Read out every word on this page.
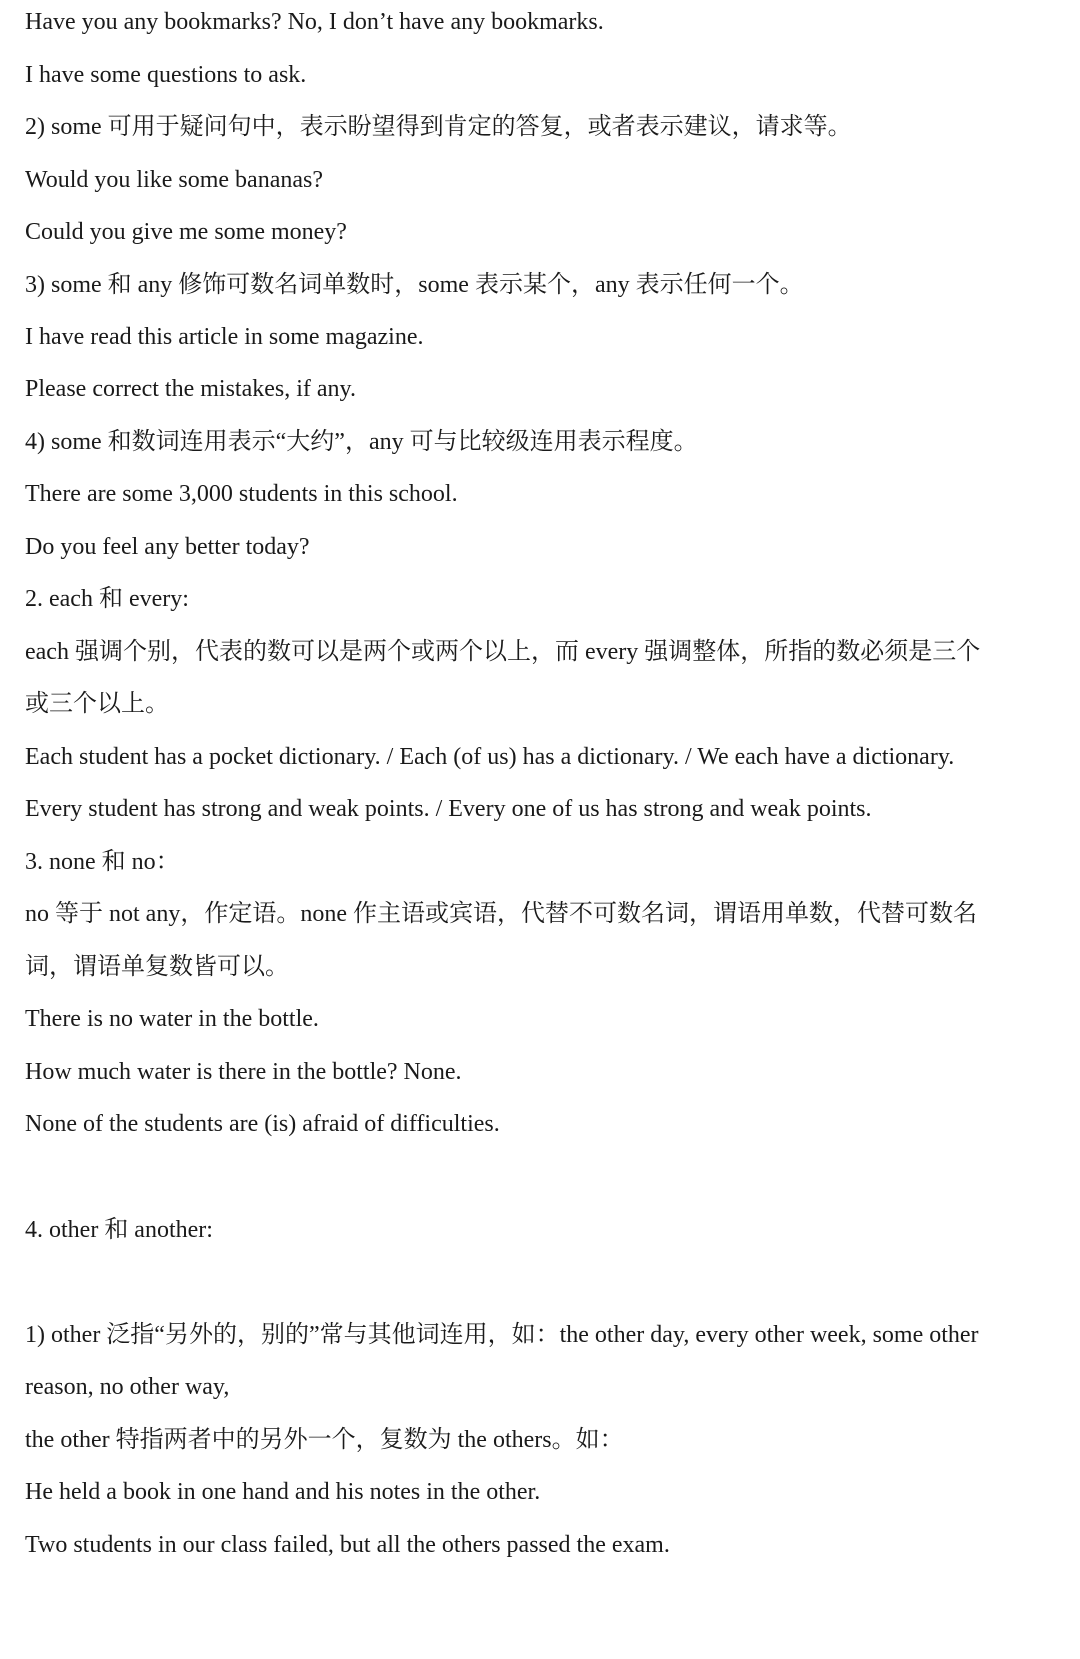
Have you any bookmarks? No, I don’t have any bookmarks.
I have some questions to ask.
2) some 可用于疑问句中，表示盼望得到肯定的答复，或者表示建议，请求等。
Would you like some bananas?
Could you give me some money?
3) some 和 any 修饰可数名词单数时，some 表示某个，any 表示任何一个。
I have read this article in some magazine.
Please correct the mistakes, if any.
4) some 和数词连用表示“大约”，any 可与比较级连用表示程度。
There are some 3,000 students in this school.
Do you feel any better today?
2. each 和 every:
each 强调个别，代表的数可以是两个或两个以上，而 every 强调整体，所指的数必须是三个
或三个以上。
Each student has a pocket dictionary. / Each (of us) has a dictionary. / We each have a dictionary.
Every student has strong and weak points. / Every one of us has strong and weak points.
3. none 和 no：
no 等于 not any，作定语。none 作主语或宾语，代替不可数名词，谓语用单数，代替可数名
词，谓语单复数皆可以。
There is no water in the bottle.
How much water is there in the bottle? None.
None of the students are (is) afraid of difficulties.
4. other 和 another:
1) other 泛指“另外的，别的”常与其他词连用，如：the other day, every other week, some other
reason, no other way,
the other 特指两者中的另外一个，复数为 the others。如：
He held a book in one hand and his notes in the other.
Two students in our class failed, but all the others passed the exam.
